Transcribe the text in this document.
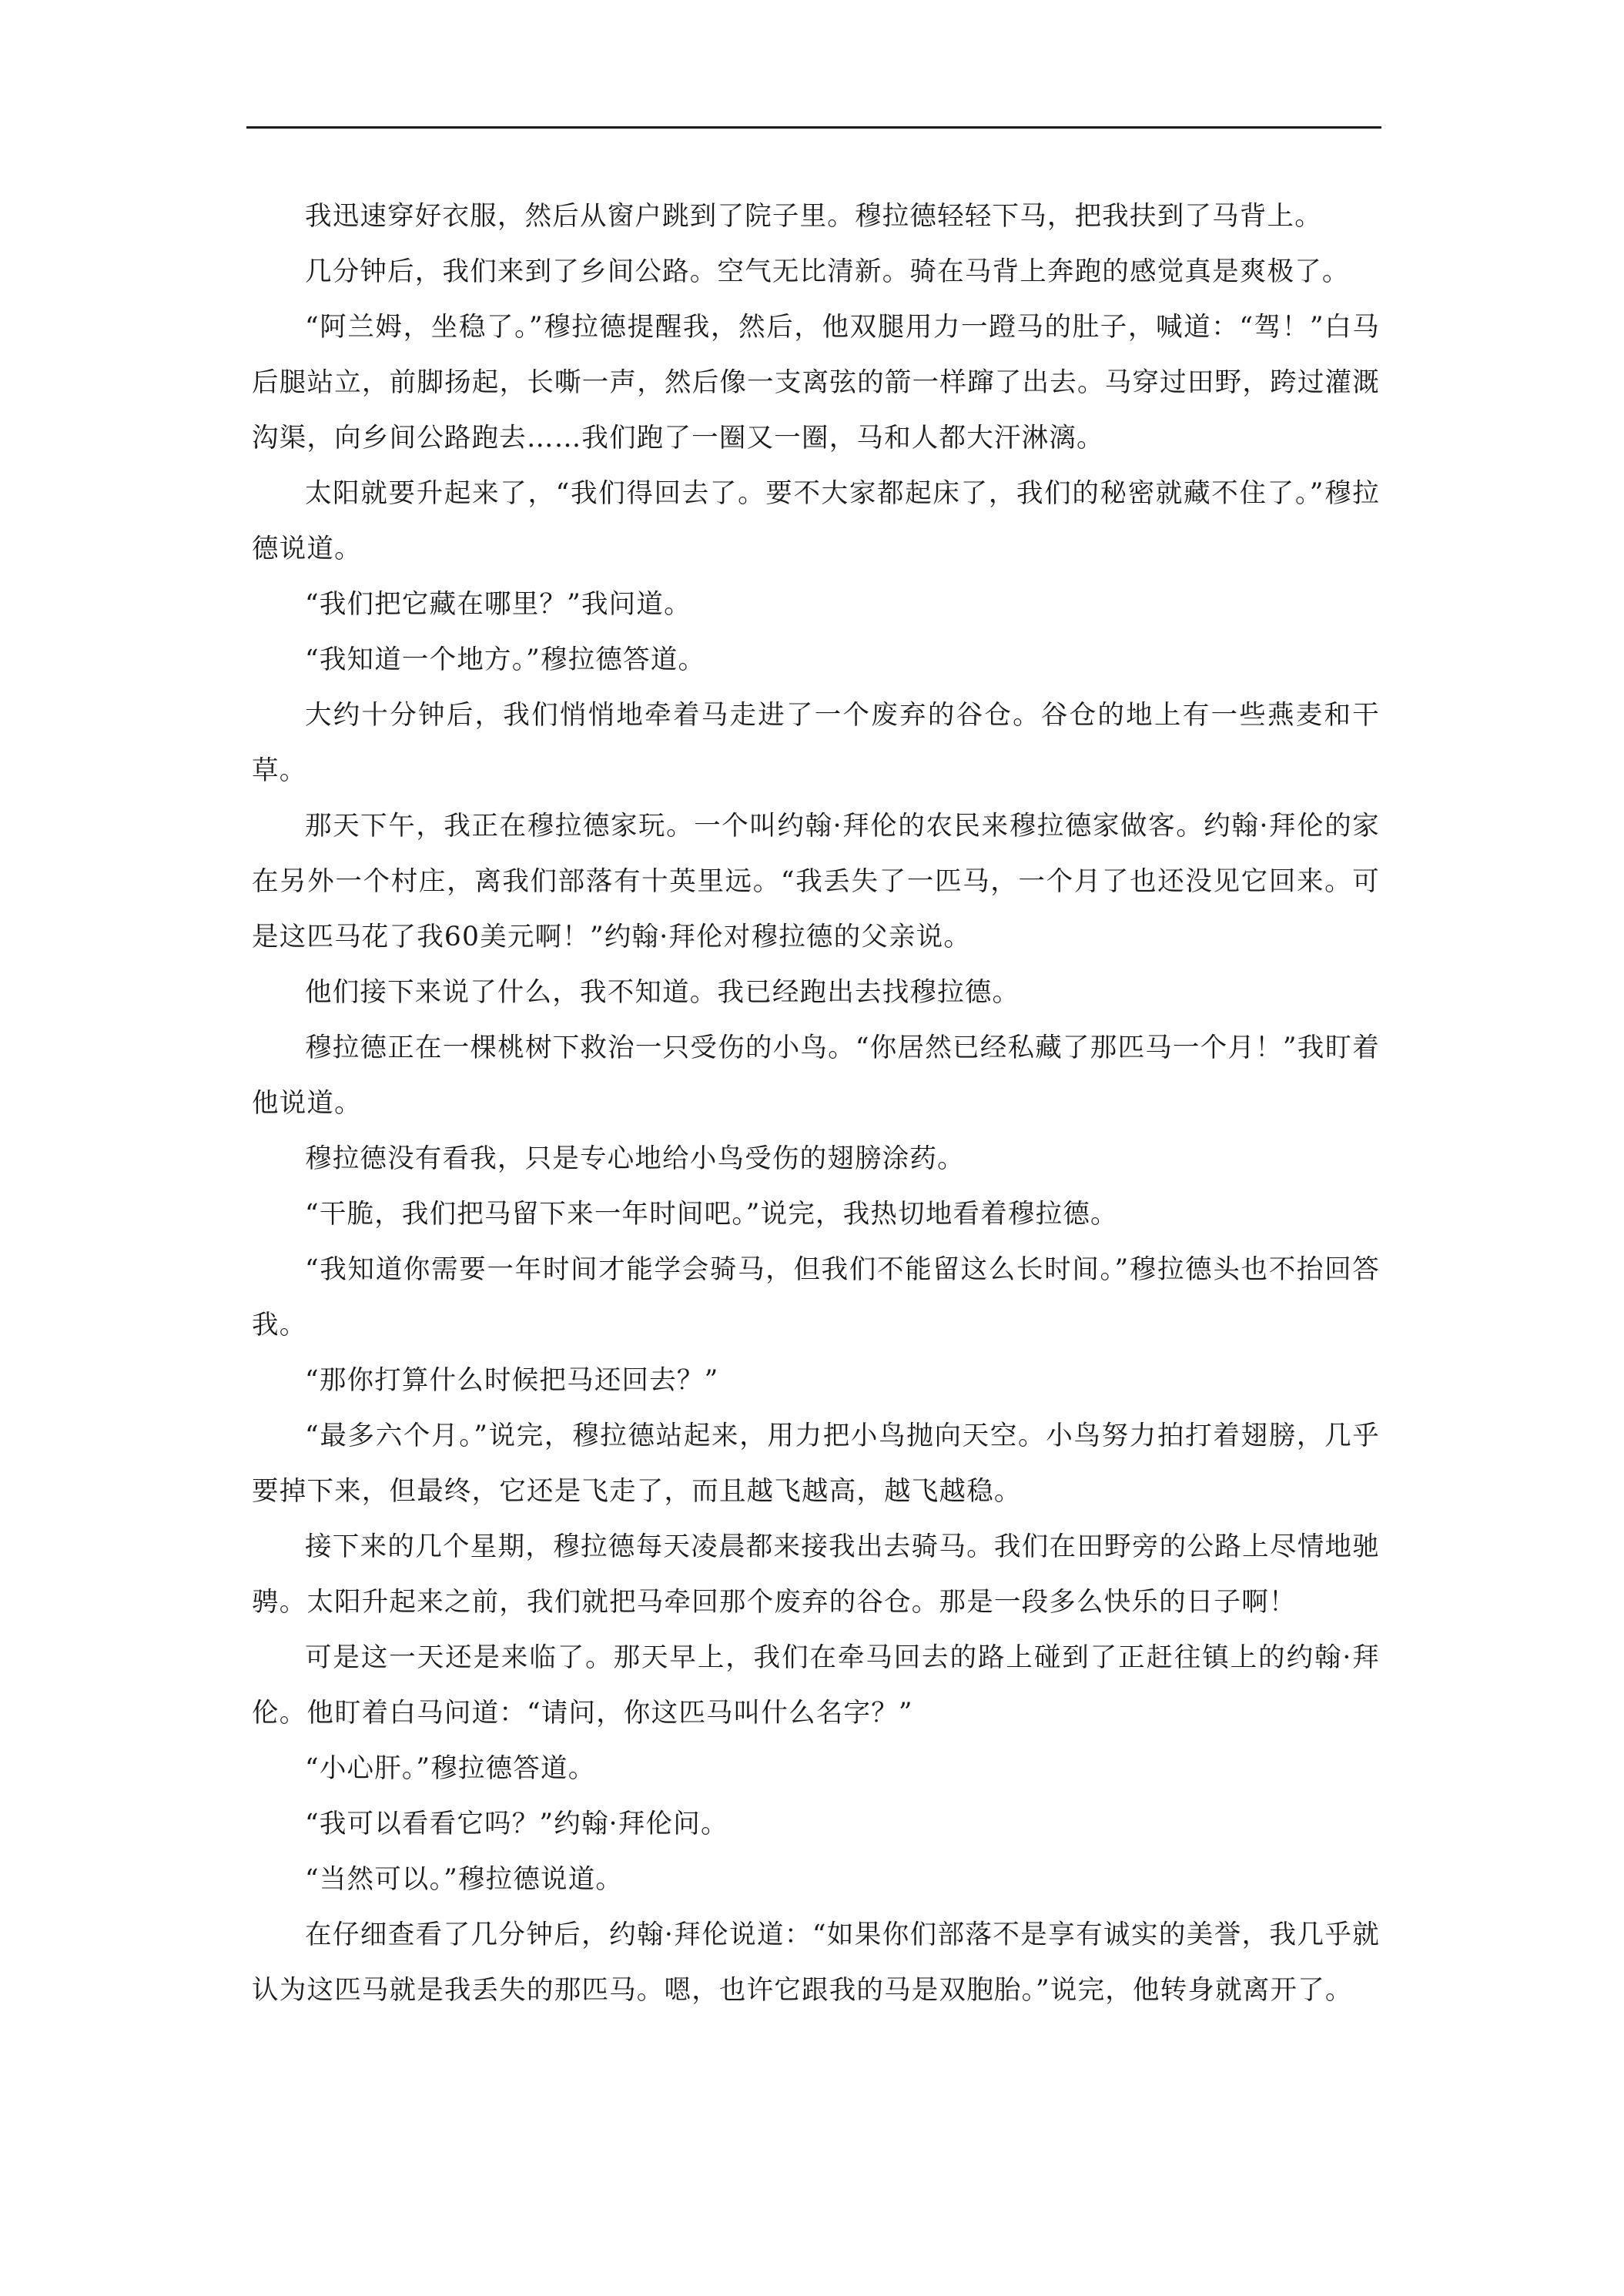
我迅速穿好衣服，然后从窗户跳到了院子里。穆拉德轻轻下马，把我扶到了马背上。

几分钟后，我们来到了乡间公路。空气无比清新。骑在马背上奔跑的感觉真是爽极了。

“阿兰姆，坐稳了。”穆拉德提醒我，然后，他双腿用力一蹬马的肚子，喊道：“驾！”白马后腿站立，前脚扬起，长嘶一声，然后像一支离弦的箭一样蹿了出去。马穿过田野，跨过灌溉沟渠，向乡间公路跑去……我们跑了一圈又一圈，马和人都大汗淋漓。

太阳就要升起来了，“我们得回去了。要不大家都起床了，我们的秘密就藏不住了。”穆拉德说道。

“我们把它藏在哪里？”我问道。

“我知道一个地方。”穆拉德答道。

大约十分钟后，我们悄悄地牵着马走进了一个废弃的谷仓。谷仓的地上有一些燕麦和干草。

那天下午，我正在穆拉德家玩。一个叫约翰·拜伦的农民来穆拉德家做客。约翰·拜伦的家在另外一个村庄，离我们部落有十英里远。“我丢失了一匹马，一个月了也还没见它回来。可是这匹马花了我60美元啊！”约翰·拜伦对穆拉德的父亲说。

他们接下来说了什么，我不知道。我已经跑出去找穆拉德。

穆拉德正在一棵桃树下救治一只受伤的小鸟。“你居然已经私藏了那匹马一个月！”我盯着他说道。

穆拉德没有看我，只是专心地给小鸟受伤的翅膀涂药。

“干脆，我们把马留下来一年时间吧。”说完，我热切地看着穆拉德。

“我知道你需要一年时间才能学会骑马，但我们不能留这么长时间。”穆拉德头也不抬回答我。

“那你打算什么时候把马还回去？”

“最多六个月。”说完，穆拉德站起来，用力把小鸟抛向天空。小鸟努力拍打着翅膀，几乎要掉下来，但最终，它还是飞走了，而且越飞越高，越飞越稳。

接下来的几个星期，穆拉德每天凌晨都来接我出去骑马。我们在田野旁的公路上尽情地驰骋。太阳升起来之前，我们就把马牵回那个废弃的谷仓。那是一段多么快乐的日子啊！

可是这一天还是来临了。那天早上，我们在牵马回去的路上碰到了正赶往镇上的约翰·拜伦。他盯着白马问道：“请问，你这匹马叫什么名字？”

“小心肝。”穆拉德答道。

“我可以看看它吗？”约翰·拜伦问。

“当然可以。”穆拉德说道。

在仔细查看了几分钟后，约翰·拜伦说道：“如果你们部落不是享有诚实的美誉，我几乎就认为这匹马就是我丢失的那匹马。嗯，也许它跟我的马是双胞胎。”说完，他转身就离开了。
